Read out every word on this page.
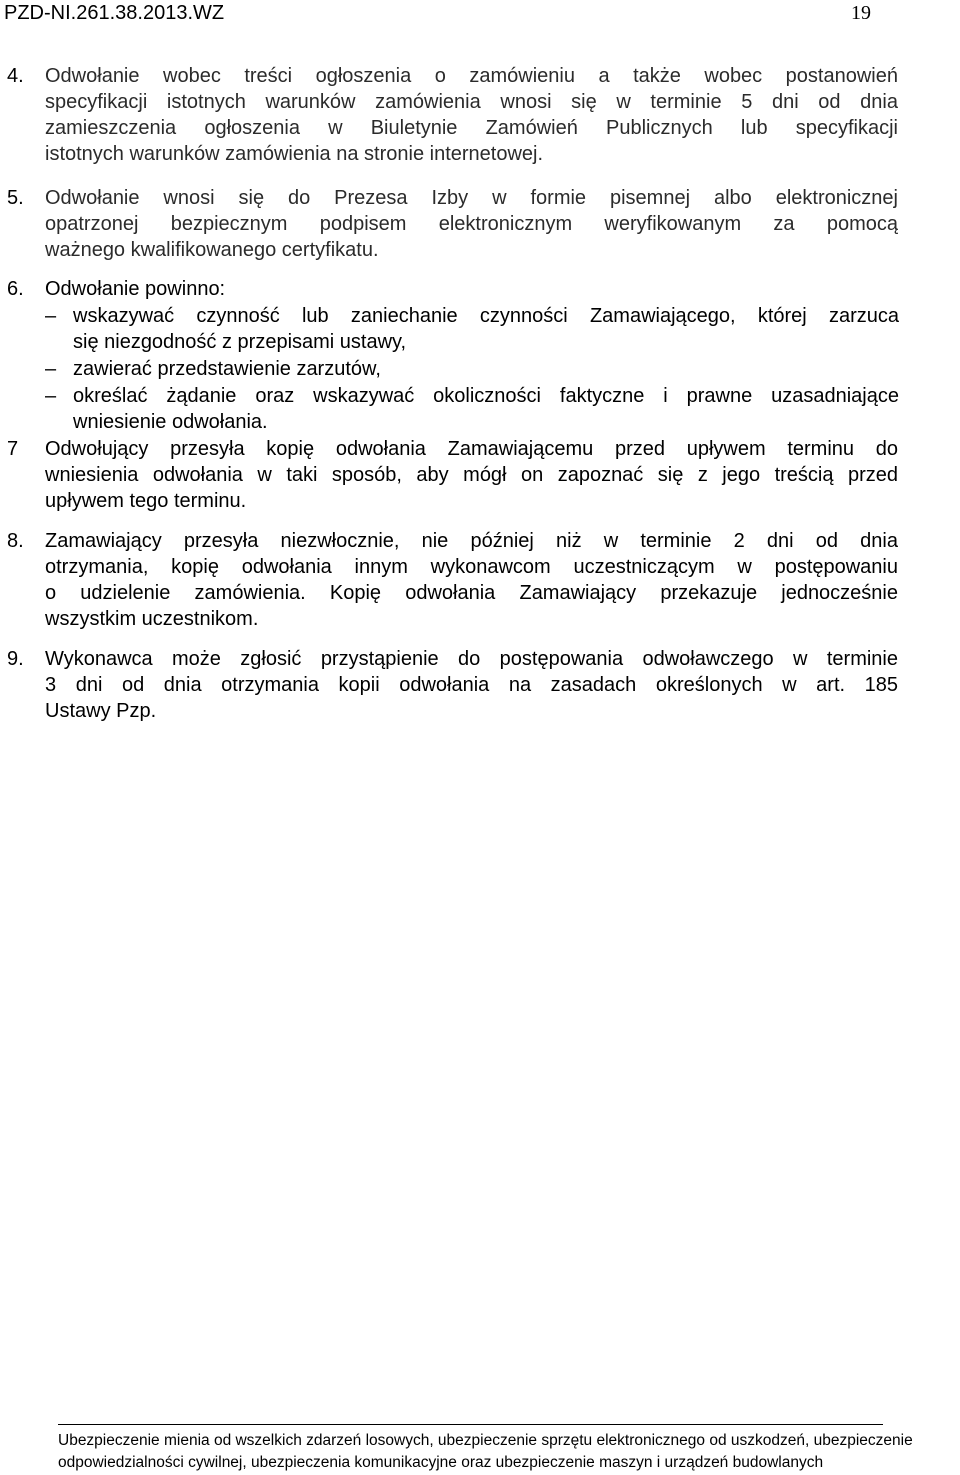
PZD-NI.261.38.2013.WZ	19
4. Odwołanie wobec treści ogłoszenia o zamówieniu a także wobec postanowień
specyfikacji istotnych warunków zamówienia wnosi się w terminie 5 dni od dnia
zamieszczenia ogłoszenia w Biuletynie Zamówień Publicznych lub specyfikacji
istotnych warunków zamówienia na stronie internetowej.
5. Odwołanie wnosi się do Prezesa Izby w formie pisemnej albo elektronicznej
opatrzonej bezpiecznym podpisem elektronicznym weryfikowanym za pomocą
ważnego kwalifikowanego certyfikatu.
6. Odwołanie powinno:
– wskazywać czynność lub zaniechanie czynności Zamawiającego, której zarzuca
się niezgodność z przepisami ustawy,
– zawierać przedstawienie zarzutów,
– określać żądanie oraz wskazywać okoliczności faktyczne i prawne uzasadniające
wniesienie odwołania.
7 Odwołujący przesyła kopię odwołania Zamawiającemu przed upływem terminu do
wniesienia odwołania w taki sposób, aby mógł on zapoznać się z jego treścią przed
upływem tego terminu.
8. Zamawiający przesyła niezwłocznie, nie później niż w terminie 2 dni od dnia
otrzymania, kopię odwołania innym wykonawcom uczestniczącym w postępowaniu
o udzielenie zamówienia. Kopię odwołania Zamawiający przekazuje jednocześnie
wszystkim uczestnikom.
9. Wykonawca może zgłosić przystąpienie do postępowania odwoławczego w terminie
3 dni od dnia otrzymania kopii odwołania na zasadach określonych w art. 185
Ustawy Pzp.
Ubezpieczenie mienia od wszelkich zdarzeń losowych, ubezpieczenie sprzętu elektronicznego od uszkodzeń, ubezpieczenie
odpowiedzialności cywilnej, ubezpieczenia komunikacyjne oraz ubezpieczenie maszyn i urządzeń budowlanych
